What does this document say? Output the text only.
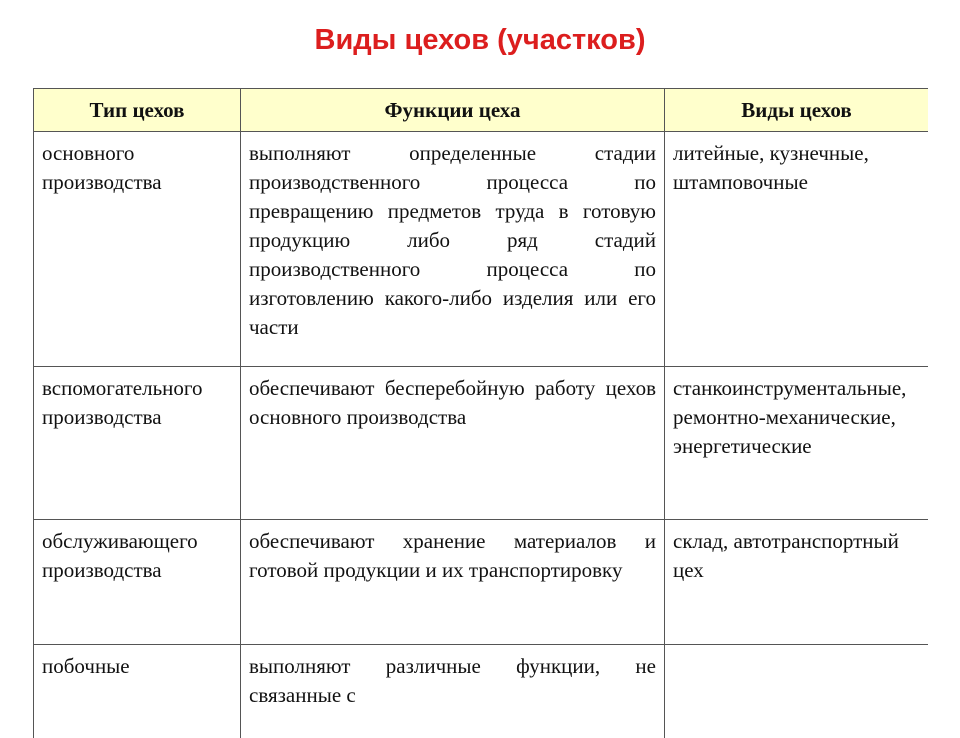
Виды цехов (участков)
Тип цехов	Функции цеха	Виды цехов
основного производства	выполняют определенные стадии производственного процесса по превращению предметов труда в готовую продукцию либо ряд стадий производственного процесса по изготовлению какого-либо изделия или его части	литейные, кузнечные, штамповочные
вспомогательного производства	обеспечивают бесперебойную работу цехов основного производства	станкоинструментальные, ремонтно-механические, энергетические
обслуживающего производства	обеспечивают хранение материалов и готовой продукции и их транспортировку	склад, автотранспортный цех
побочные	выполняют различные функции, не связанные с	
